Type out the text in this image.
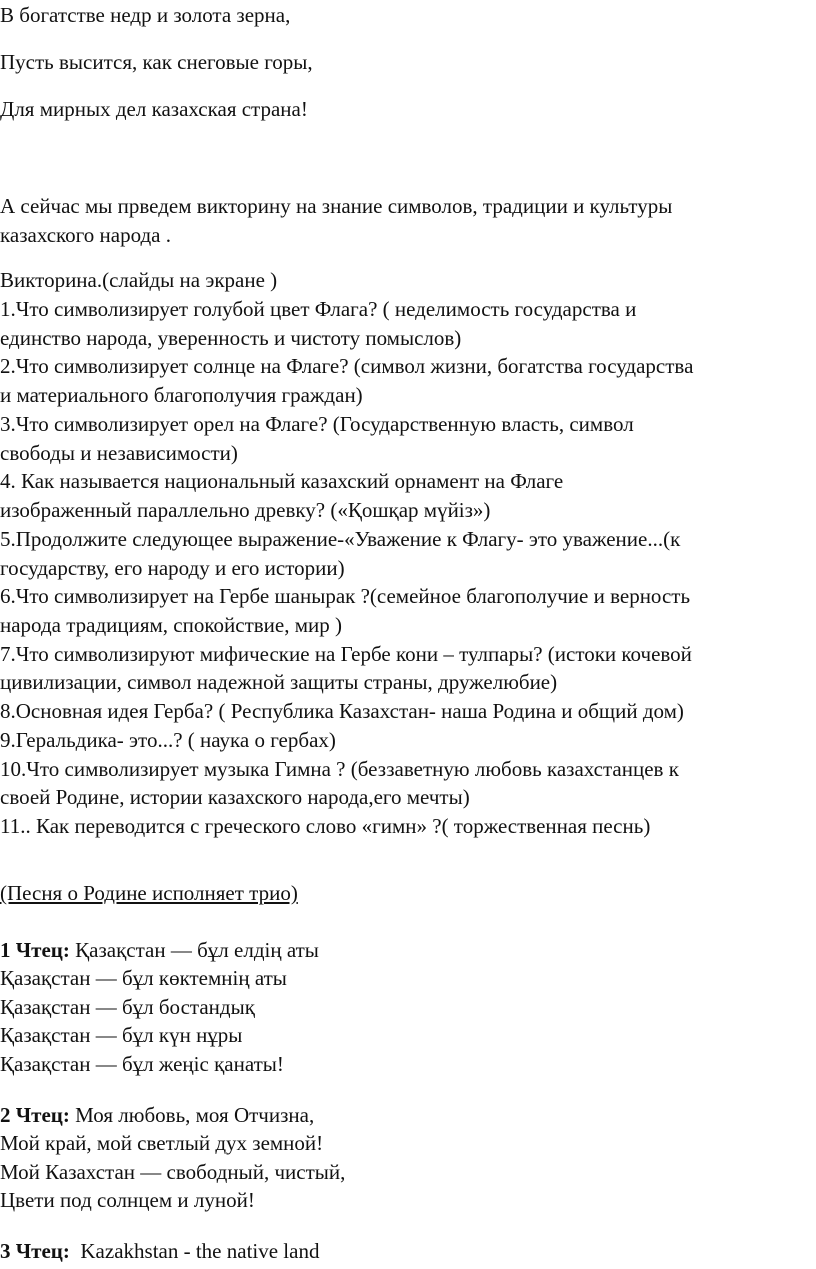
В богатстве недр и золота зерна,
Пусть высится, как снеговые горы,
Для мирных дел казахская страна!
А сейчас мы прведем викторину на знание символов, традиции и культуры
казахского народа .
Викторина.(слайды на экране )
1.Что символизирует голубой цвет Флага? ( неделимость государства и
единство народа, уверенность и чистоту помыслов)
2.Что символизирует солнце на Флаге? (символ жизни, богатства государства
и материального благополучия граждан)
3.Что символизирует орел на Флаге? (Государственную власть, символ
свободы и независимости)
4. Как называется национальный казахский орнамент на Флаге
изображенный параллельно древку? («Қошқар мүйіз»)
5.Продолжите следующее выражение-«Уважение к Флагу- это уважение...(к
государству, его народу и его истории)
6.Что символизирует на Гербе шанырак ?(семейное благополучие и верность
народа традициям, спокойствие, мир )
7.Что символизируют мифические на Гербе кони – тулпары? (истоки кочевой
цивилизации, символ надежной защиты страны, дружелюбие)
8.Основная идея Герба? ( Республика Казахстан- наша Родина и общий дом)
9.Геральдика- это...? ( наука о гербах)
10.Что символизирует музыка Гимна ? (беззаветную любовь казахстанцев к
своей Родине, истории казахского народа,его мечты)
11.. Как переводится с греческого слово «гимн» ?( торжественная песнь)
(Песня о Родине исполняет трио)
1 Чтец: Қазақстан — бұл елдің аты
Қазақстан — бұл көктемнің аты
Қазақстан — бұл бостандық
Қазақстан — бұл күн нұры
Қазақстан — бұл жеңіс қанаты!
2 Чтец: Моя любовь, моя Отчизна,
Мой край, мой светлый дух земной!
Мой Казахстан — свободный, чистый,
Цвети под солнцем и луной!
3 Чтец:  Kazakhstan - the native land
